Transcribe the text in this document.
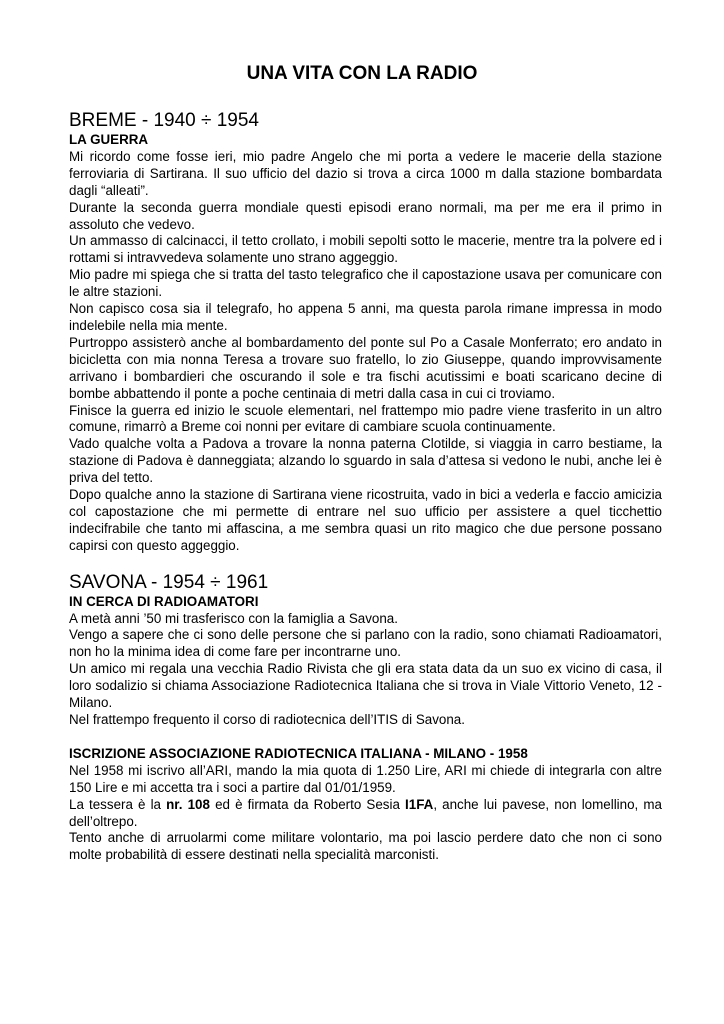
UNA VITA CON LA RADIO
BREME - 1940 ÷ 1954
LA GUERRA

Mi ricordo come fosse ieri, mio padre Angelo che mi porta a vedere le macerie della stazione ferroviaria di Sartirana. Il suo ufficio del dazio si trova a circa 1000 m dalla stazione bombardata dagli “alleati”.

Durante la seconda guerra mondiale questi episodi erano normali, ma per me era il primo in assoluto che vedevo.

Un ammasso di calcinacci, il tetto crollato, i mobili sepolti sotto le macerie, mentre tra la polvere ed i rottami si intravvedeva solamente uno strano aggeggio.

Mio padre mi spiega che si tratta del tasto telegrafico che il capostazione usava per comunicare con le altre stazioni.

Non capisco cosa sia il telegrafo, ho appena 5 anni, ma questa parola rimane impressa in modo indelebile nella mia mente.

Purtroppo assisterò anche al bombardamento del ponte sul Po a Casale Monferrato; ero andato in bicicletta con mia nonna Teresa a trovare suo fratello, lo zio Giuseppe, quando improvvisamente arrivano i bombardieri che oscurando il sole e tra fischi acutissimi e boati scaricano decine di bombe abbattendo il ponte a poche centinaia di metri dalla casa in cui ci troviamo.

Finisce la guerra ed inizio le scuole elementari, nel frattempo mio padre viene trasferito in un altro comune, rimarrò a Breme coi nonni per evitare di cambiare scuola continuamente.

Vado qualche volta a Padova a trovare la nonna paterna Clotilde, si viaggia in carro bestiame, la stazione di Padova è danneggiata; alzando lo sguardo in sala d’attesa si vedono le nubi, anche lei è priva del tetto.

Dopo qualche anno la stazione di Sartirana viene ricostruita, vado in bici a vederla e faccio amicizia col capostazione che mi permette di entrare nel suo ufficio per assistere a quel ticchettio indecifrabile che tanto mi affascina, a me sembra quasi un rito magico che due persone possano capirsi con questo aggeggio.

SAVONA - 1954 ÷ 1961
IN CERCA DI RADIOAMATORI

A metà anni ’50 mi trasferisco con la famiglia a Savona.

Vengo a sapere che ci sono delle persone che si parlano con la radio, sono chiamati Radioamatori, non ho la minima idea di come fare per incontrarne uno.

Un amico mi regala una vecchia Radio Rivista che gli era stata data da un suo ex vicino di casa, il loro sodalizio si chiama Associazione Radiotecnica Italiana che si trova in Viale Vittorio Veneto, 12 - Milano.

Nel frattempo frequento il corso di radiotecnica dell’ITIS di Savona.

ISCRIZIONE ASSOCIAZIONE RADIOTECNICA ITALIANA - MILANO - 1958

Nel 1958 mi iscrivo all’ARI, mando la mia quota di 1.250 Lire, ARI mi chiede di integrarla con altre 150 Lire e mi accetta tra i soci a partire dal 01/01/1959.

La tessera è la nr. 108 ed è firmata da Roberto Sesia I1FA, anche lui pavese, non lomellino, ma dell’oltrepo.

Tento anche di arruolarmi come militare volontario, ma poi lascio perdere dato che non ci sono molte probabilità di essere destinati nella specialità marconisti.
